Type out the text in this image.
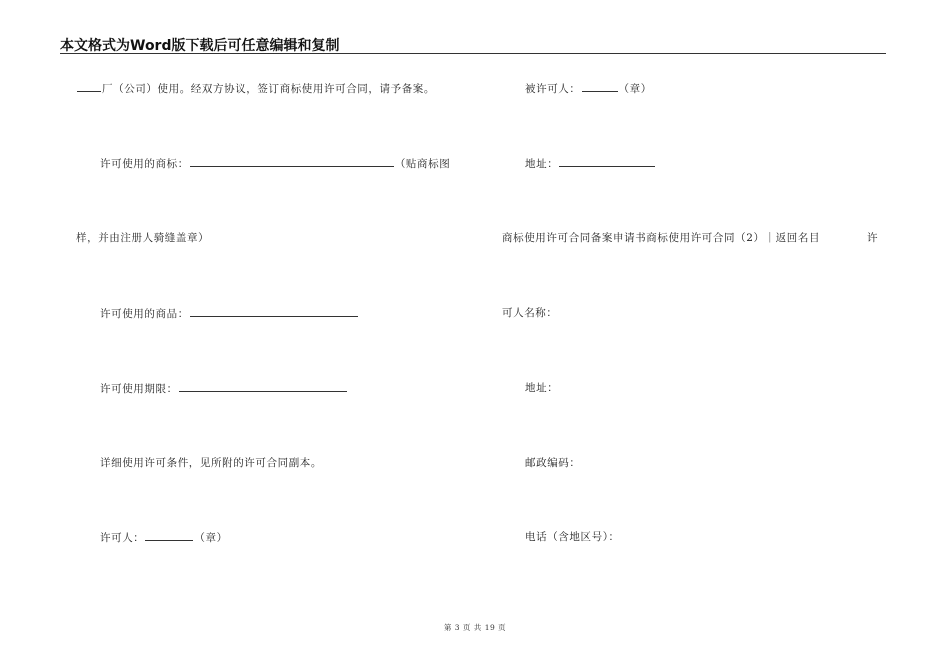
本文格式为Word版下载后可任意编辑和复制
厂（公司）使用。经双方协议，签订商标使用许可合同，请予备案。
许可使用的商标：	（贴商标图
样，并由注册人骑缝盖章）
许可使用的商品：
许可使用期限：
详细使用许可条件，见所附的许可合同副本。
许可人：	（章）
被许可人：	（章）
地址：
商标使用许可合同备案申请书商标使用许可合同（2）｜返回名目	许
可人名称：
地址：
邮政编码：
电话（含地区号）：
第 3 页 共 19 页
